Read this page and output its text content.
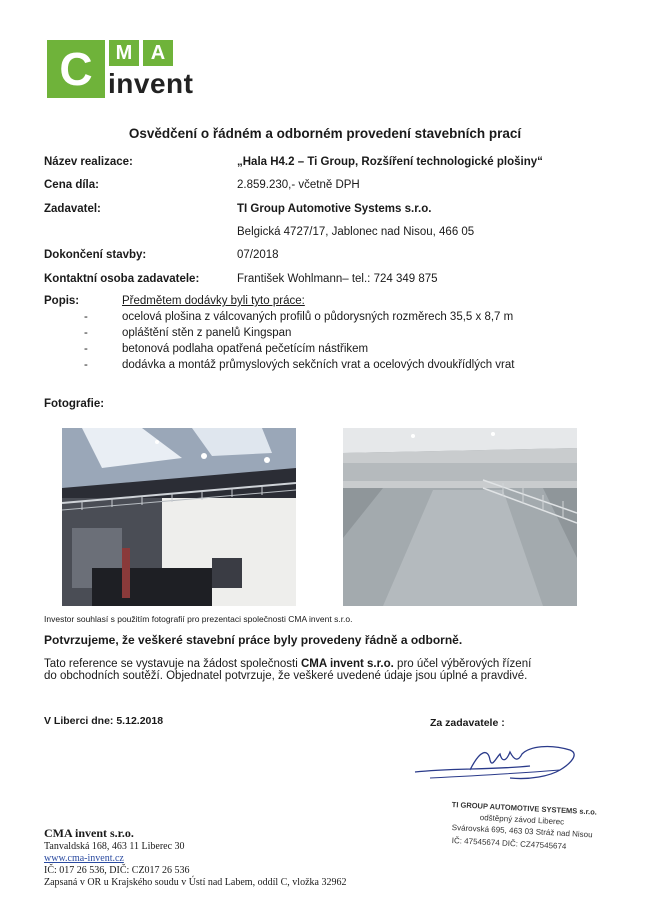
C	M A
invent
Osvědčení o řádném a odborném provedení stavebních prací
Název realizace:	„Hala H4.2 – Ti Group, Rozšíření technologické plošiny“
Cena díla:	2.859.230,- včetně DPH
Zadavatel:	TI Group Automotive Systems s.r.o.
Belgická 4727/17, Jablonec nad Nisou, 466 05
Dokončení stavby:	07/2018
Kontaktní osoba zadavatele:	František Wohlmann– tel.: 724 349 875
Popis:	Předmětem dodávky byli tyto práce:
-	ocelová plošina z válcovaných profilů o půdorysných rozměrech 35,5 x 8,7 m
-	opláštění stěn z panelů Kingspan
-	betonová podlaha opatřená pečetícím nástřikem
-	dodávka a montáž průmyslových sekčních vrat a ocelových dvoukřídlých vrat
Fotografie:
Investor souhlasí s použitím fotografií pro prezentaci společnosti CMA invent s.r.o.
Potvrzujeme, že veškeré stavební práce byly provedeny řádně a odborně.
Tato reference se vystavuje na žádost společnosti CMA invent s.r.o. pro účel výběrových řízení
do obchodních soutěží. Objednatel potvrzuje, že veškeré uvedené údaje jsou úplné a pravdivé.
V Liberci dne: 5.12.2018	Za zadavatele :
TI GROUP AUTOMOTIVE SYSTEMS s.r.o.
odštěpný závod Liberec
Svárovská 695, 463 03 Stráž nad Nisou
IČ: 47545674 DIČ: CZ47545674
CMA invent s.r.o.
Tanvaldská 168, 463 11 Liberec 30
www.cma-invent.cz
IČ: 017 26 536, DIČ: CZ017 26 536
Zapsaná v OR u Krajského soudu v Ústí nad Labem, oddíl C, vložka 32962
